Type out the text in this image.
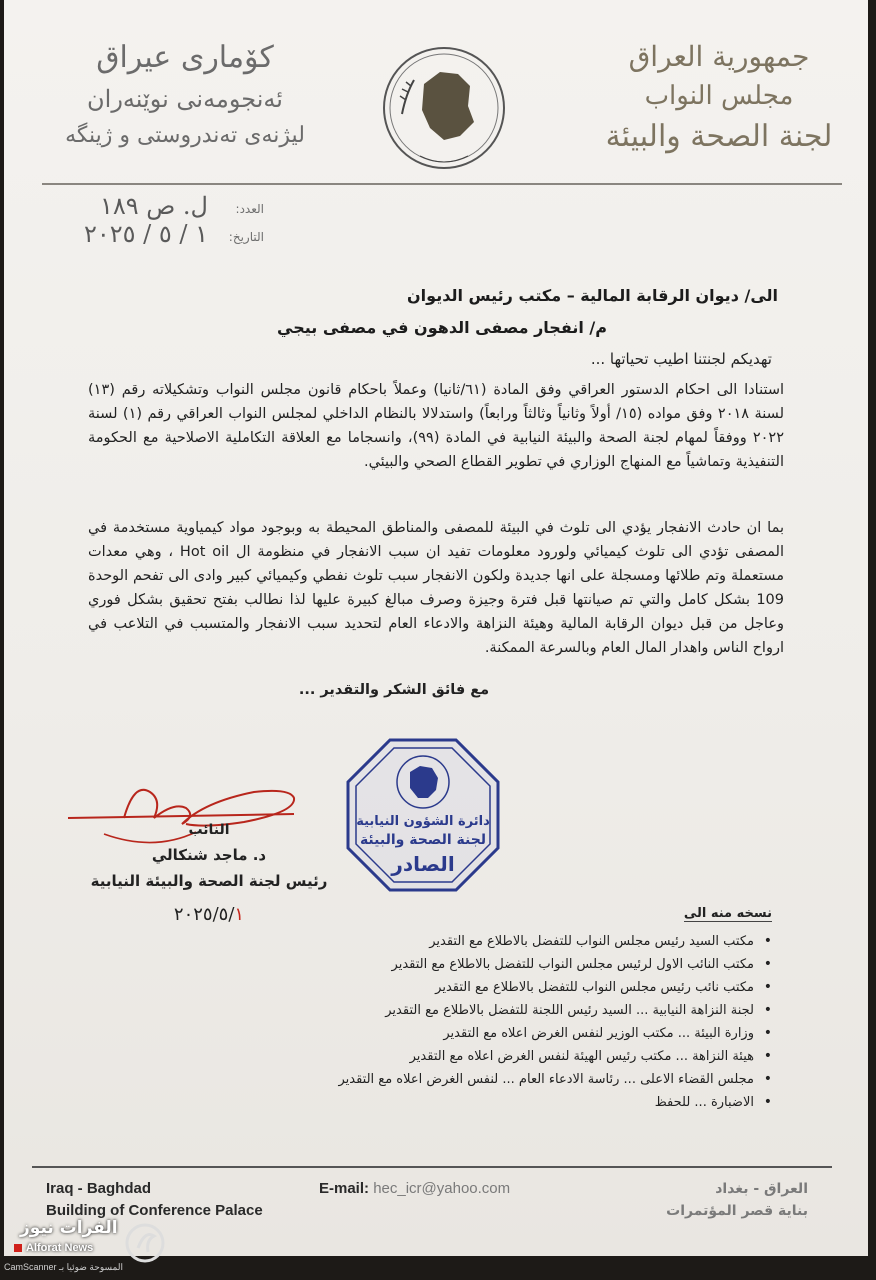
كۆماری عیراق
ئەنجومەنی نوێنەران
لیژنەی تەندروستی و ژینگە
جمهورية العراق
مجلس النواب
لجنة الصحة والبيئة
العدد:
ل. ص ١٨٩
التاريخ:
١ / ٥ / ٢٠٢٥
الى/ ديوان الرقابة المالية – مكتب رئيس الديوان
م/ انفجار مصفى الدهون في مصفى بيجي
تهديكم لجنتنا اطيب تحياتها ...
استنادا الى احكام الدستور العراقي وفق المادة (٦١/ثانيا) وعملاً باحكام قانون مجلس النواب وتشكيلاته رقم (١٣) لسنة ٢٠١٨ وفق مواده (١٥/ أولاً وثانياً وثالثاً ورابعاً) واستدلالا بالنظام الداخلي لمجلس النواب العراقي رقم (١) لسنة ٢٠٢٢ ووفقاً لمهام لجنة الصحة والبيئة النيابية في المادة (٩٩)، وانسجاما مع العلاقة التكاملية الاصلاحية مع الحكومة التنفيذية وتماشياً مع المنهاج الوزاري في تطوير القطاع الصحي والبيئي.
بما ان حادث الانفجار يؤدي الى تلوث في البيئة للمصفى والمناطق المحيطة به وبوجود مواد كيمياوية مستخدمة في المصفى تؤدي الى تلوث كيميائي ولورود معلومات تفيد ان سبب الانفجار في منظومة ال Hot oil ، وهي معدات مستعملة وتم طلائها ومسجلة على انها جديدة ولكون الانفجار سبب تلوث نفطي وكيميائي كبير وادى الى تفحم الوحدة 109 بشكل كامل والتي تم صيانتها قبل فترة وجيزة وصرف مبالغ كبيرة عليها لذا نطالب بفتح تحقيق بشكل فوري وعاجل من قبل ديوان الرقابة المالية وهيئة النزاهة والادعاء العام لتحديد سبب الانفجار والمتسبب في التلاعب في ارواح الناس واهدار المال العام وبالسرعة الممكنة.
مع فائق الشكر والتقدير ...
دائرة الشؤون النيابية
لجنة الصحة والبيئة
الصادر
النائب
د. ماجد شنكالي
رئيس لجنة الصحة والبيئة النيابية
٢٠٢٥/٥/١	نسخه منه الى
• مكتب السيد رئيس مجلس النواب للتفضل بالاطلاع مع التقدير
• مكتب النائب الاول لرئيس مجلس النواب للتفضل بالاطلاع مع التقدير
• مكتب نائب رئيس مجلس النواب للتفضل بالاطلاع مع التقدير
• لجنة النزاهة النيابية ... السيد رئيس اللجنة للتفضل بالاطلاع مع التقدير
• وزارة البيئة ... مكتب الوزير لنفس الغرض اعلاه مع التقدير
• هيئة النزاهة ... مكتب رئيس الهيئة لنفس الغرض اعلاه مع التقدير
• مجلس القضاء الاعلى ... رئاسة الادعاء العام ... لنفس الغرض اعلاه مع التقدير
• الاضبارة ... للحفظ
Iraq - Baghdad
Building of Conference Palace
E-mail: hec_icr@yahoo.com	العراق - بغداد
بناية قصر المؤتمرات
الفرات نيوز
Alforat News
CamScanner المسوحة ضوئيا بـ
